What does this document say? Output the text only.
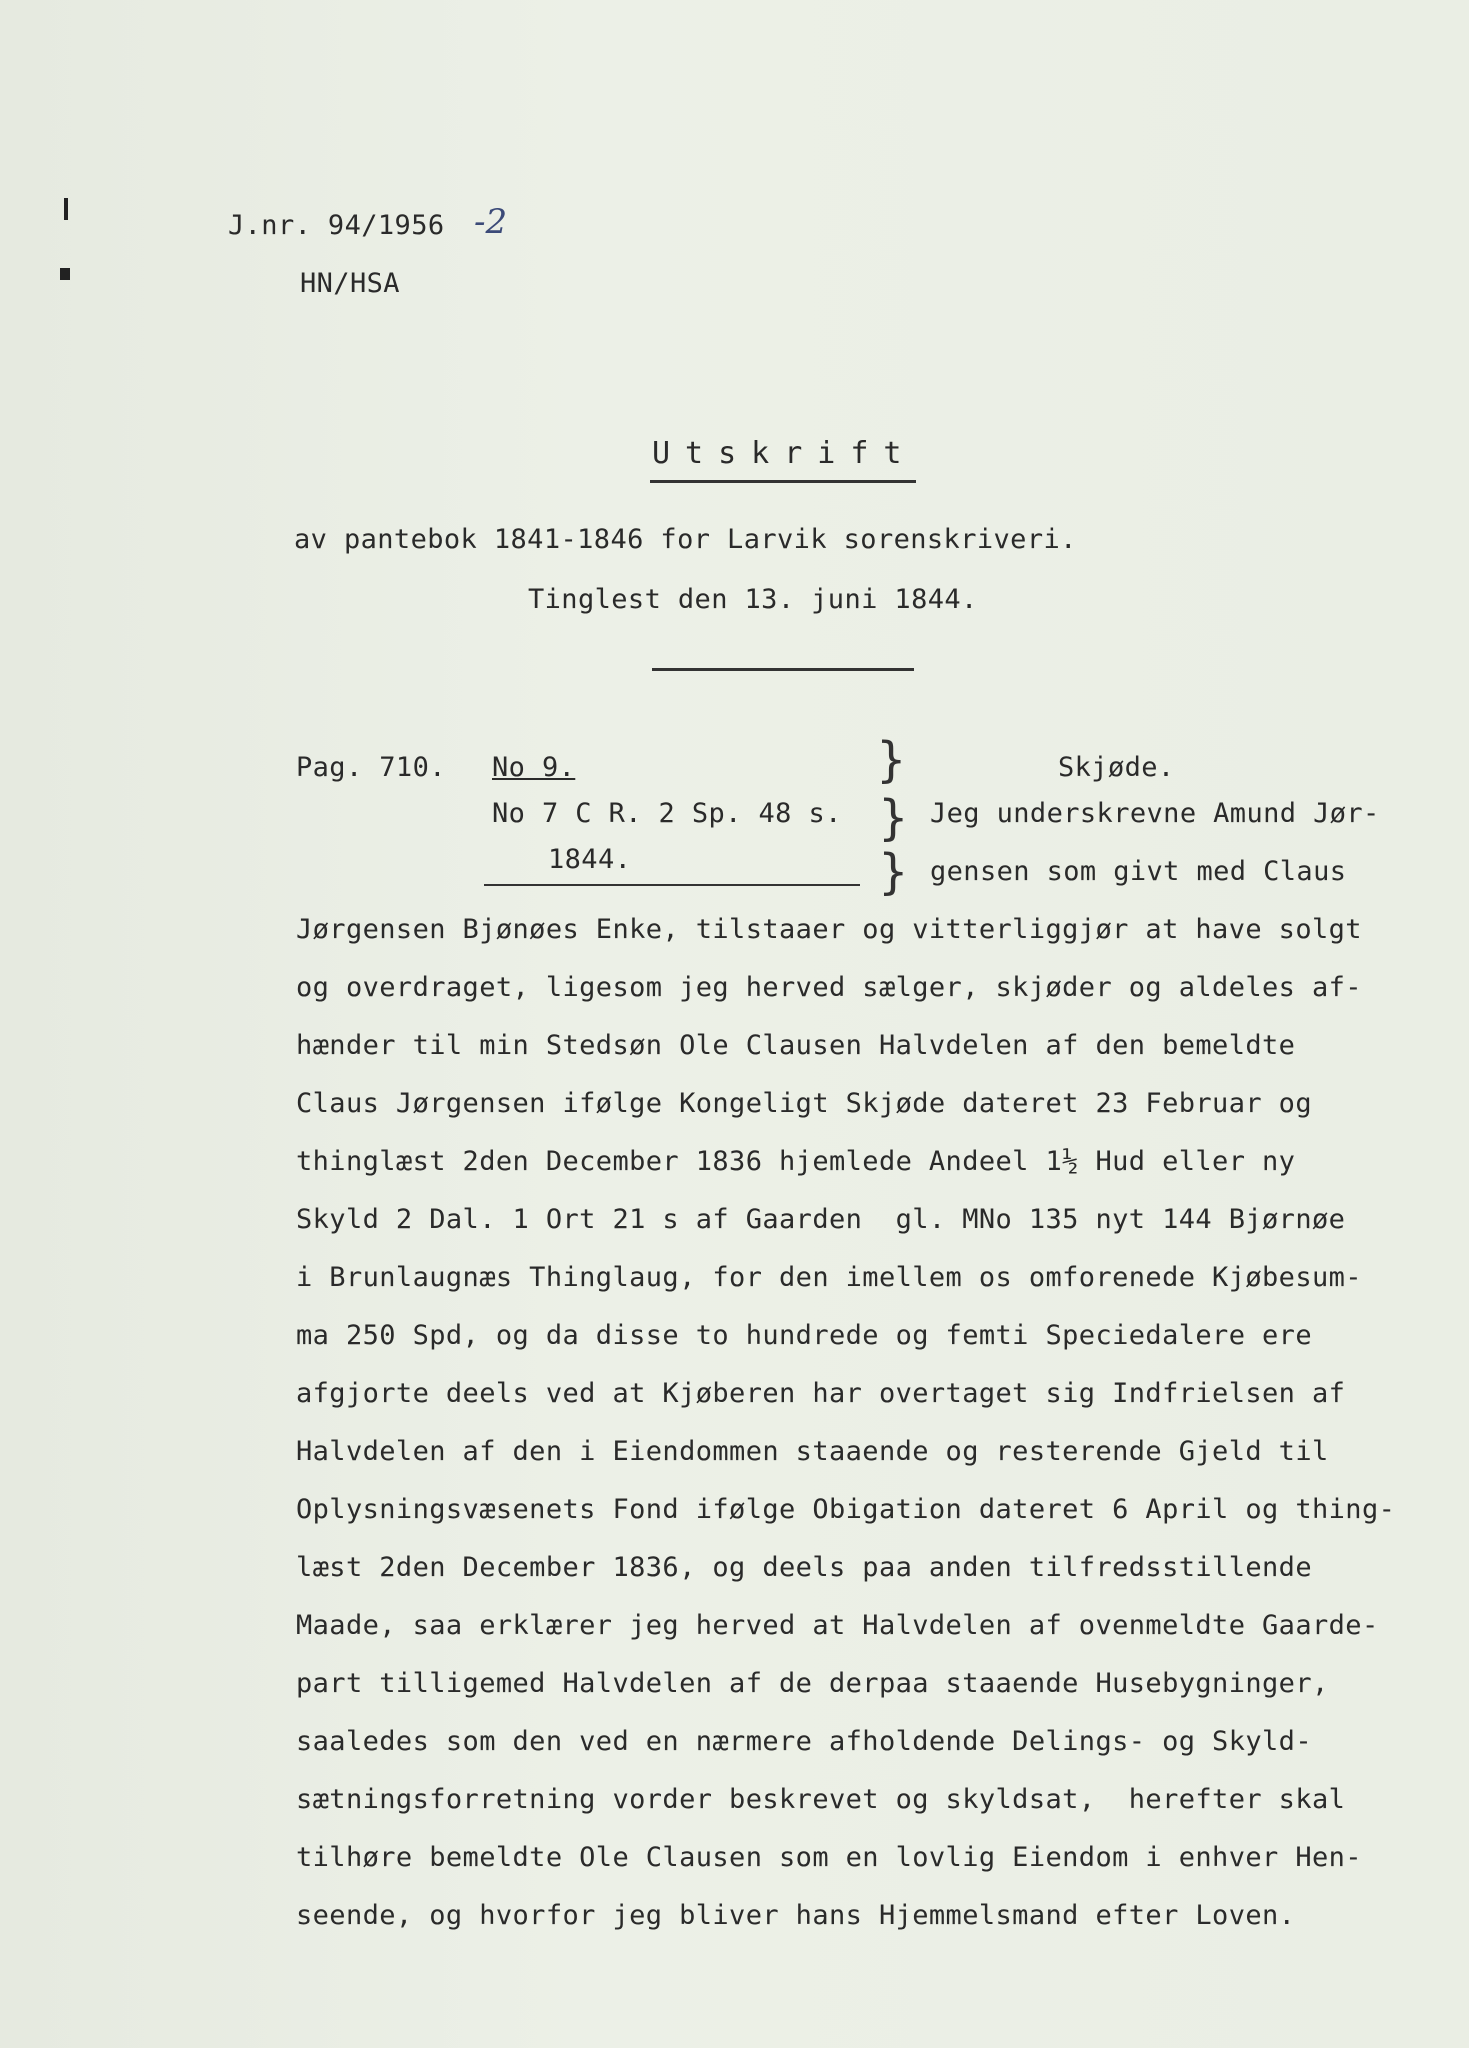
J.nr. 94/1956 -2
HN/HSA
Utskrift
av pantebok 1841-1846 for Larvik sorenskriveri.
Tinglest den 13. juni 1844.
Pag. 710. No 9.
No 7 C R. 2 Sp. 48 s.
1844.
}
}
}
Skjøde.
Jeg underskrevne Amund Jør-
gensen som givt med Claus
Jørgensen Bjønøes Enke, tilstaaer og vitterliggjør at have solgt
og overdraget, ligesom jeg herved sælger, skjøder og aldeles af-
hænder til min Stedsøn Ole Clausen Halvdelen af den bemeldte
Claus Jørgensen ifølge Kongeligt Skjøde dateret 23 Februar og
thinglæst 2den December 1836 hjemlede Andeel 1½ Hud eller ny
Skyld 2 Dal. 1 Ort 21 s af Gaarden  gl. MNo 135 nyt 144 Bjørnøe
i Brunlaugnæs Thinglaug, for den imellem os omforenede Kjøbesum-
ma 250 Spd, og da disse to hundrede og femti Speciedalere ere
afgjorte deels ved at Kjøberen har overtaget sig Indfrielsen af
Halvdelen af den i Eiendommen staaende og resterende Gjeld til
Oplysningsvæsenets Fond ifølge Obigation dateret 6 April og thing-
læst 2den December 1836, og deels paa anden tilfredsstillende
Maade, saa erklærer jeg herved at Halvdelen af ovenmeldte Gaarde-
part tilligemed Halvdelen af de derpaa staaende Husebygninger,
saaledes som den ved en nærmere afholdende Delings- og Skyld-
sætningsforretning vorder beskrevet og skyldsat,  herefter skal
tilhøre bemeldte Ole Clausen som en lovlig Eiendom i enhver Hen-
seende, og hvorfor jeg bliver hans Hjemmelsmand efter Loven.
